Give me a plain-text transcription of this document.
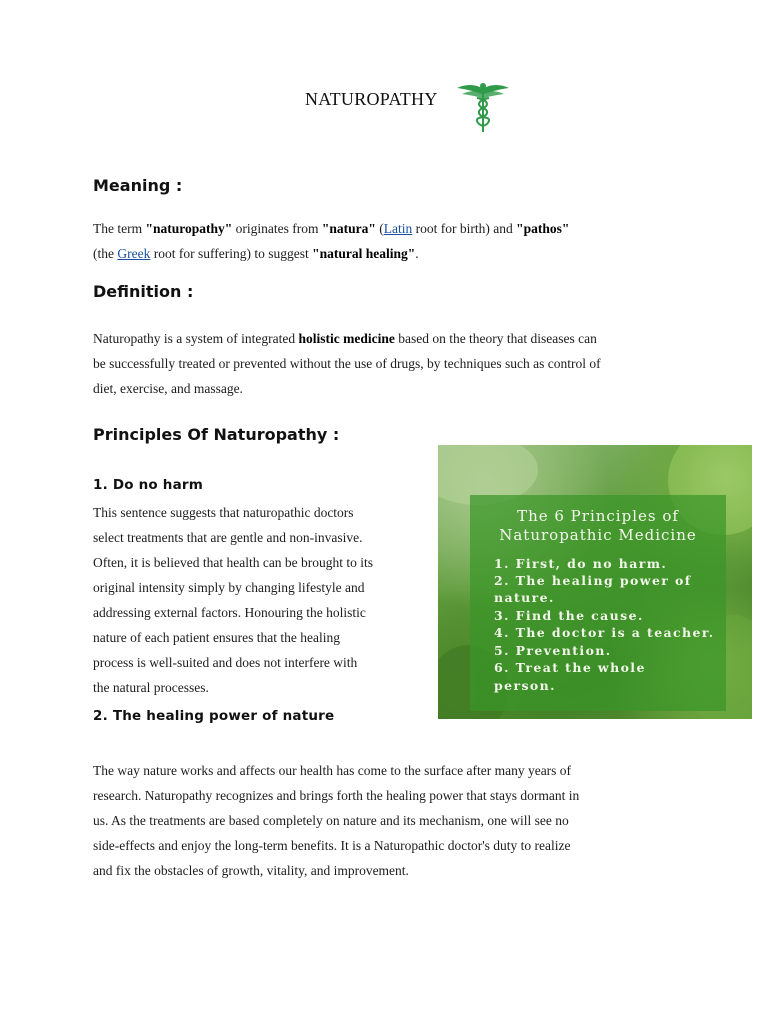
NATUROPATHY
Meaning :
The term "naturopathy" originates from "natura" (Latin root for birth) and "pathos"
(the Greek root for suffering) to suggest "natural healing".
Definition :
Naturopathy is a system of integrated holistic medicine based on the theory that diseases can
be successfully treated or prevented without the use of drugs, by techniques such as control of
diet, exercise, and massage.
Principles Of Naturopathy :
1. Do no harm
This sentence suggests that naturopathic doctors
select treatments that are gentle and non-invasive.
Often, it is believed that health can be brought to its
original intensity simply by changing lifestyle and
addressing external factors. Honouring the holistic
nature of each patient ensures that the healing
process is well-suited and does not interfere with
the natural processes.
2. The healing power of nature
The way nature works and affects our health has come to the surface after many years of
research. Naturopathy recognizes and brings forth the healing power that stays dormant in
us. As the treatments are based completely on nature and its mechanism, one will see no
side-effects and enjoy the long-term benefits. It is a Naturopathic doctor's duty to realize
and fix the obstacles of growth, vitality, and improvement.
The 6 Principles of
Naturopathic Medicine
1. First, do no harm.
2. The healing power of
nature.
3. Find the cause.
4. The doctor is a teacher.
5. Prevention.
6. Treat the whole
person.
